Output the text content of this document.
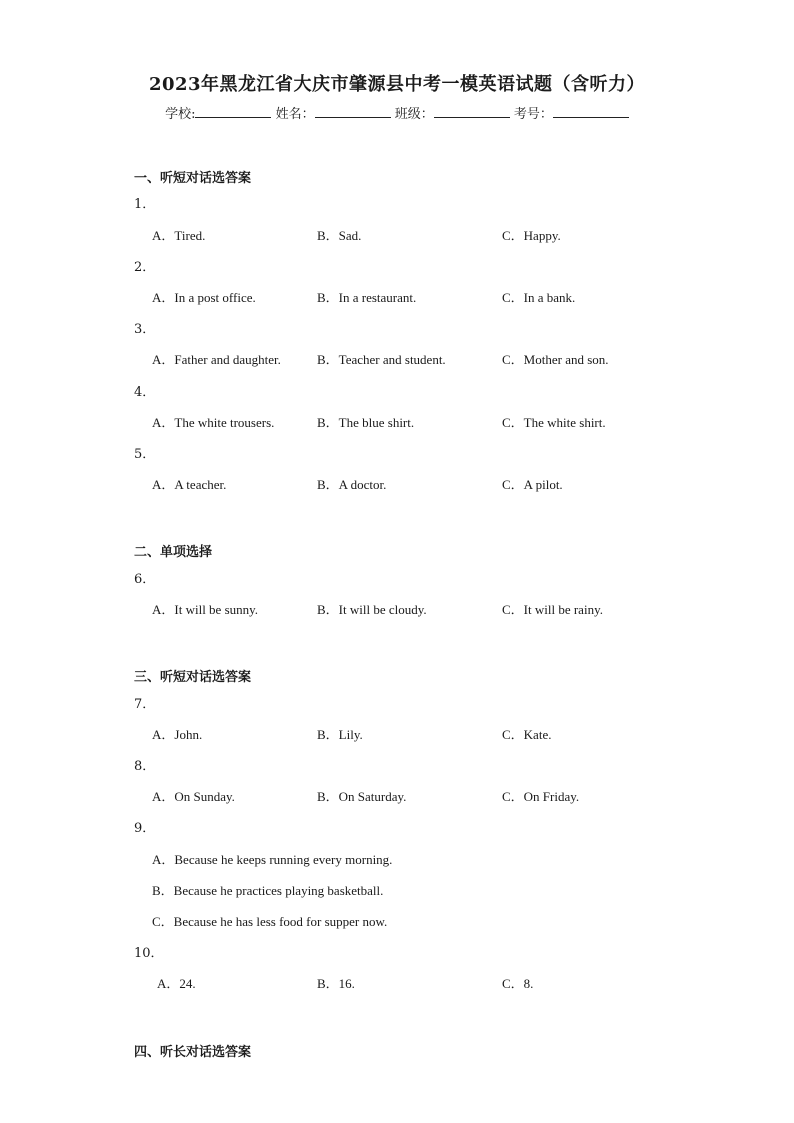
2023年黑龙江省大庆市肇源县中考一模英语试题（含听力）
学校:	姓名：	班级：	考号：
一、听短对话选答案
1．
A．Tired.	B．Sad.	C．Happy.
2．
A．In a post office.	B．In a restaurant.	C．In a bank.
3．
A．Father and daughter.	B．Teacher and student.	C．Mother and son.
4．
A．The white trousers.	B．The blue shirt.	C．The white shirt.
5．
A．A teacher.	B．A doctor.	C．A pilot.
二、单项选择
6．
A．It will be sunny.	B．It will be cloudy.	C．It will be rainy.
三、听短对话选答案
7．
A．John.	B．Lily.	C．Kate.
8．
A．On Sunday.	B．On Saturday.	C．On Friday.
9．
A．Because he keeps running every morning.
B．Because he practices playing basketball.
C．Because he has less food for supper now.
10．
A．24.	B．16.	C．8.
四、听长对话选答案
